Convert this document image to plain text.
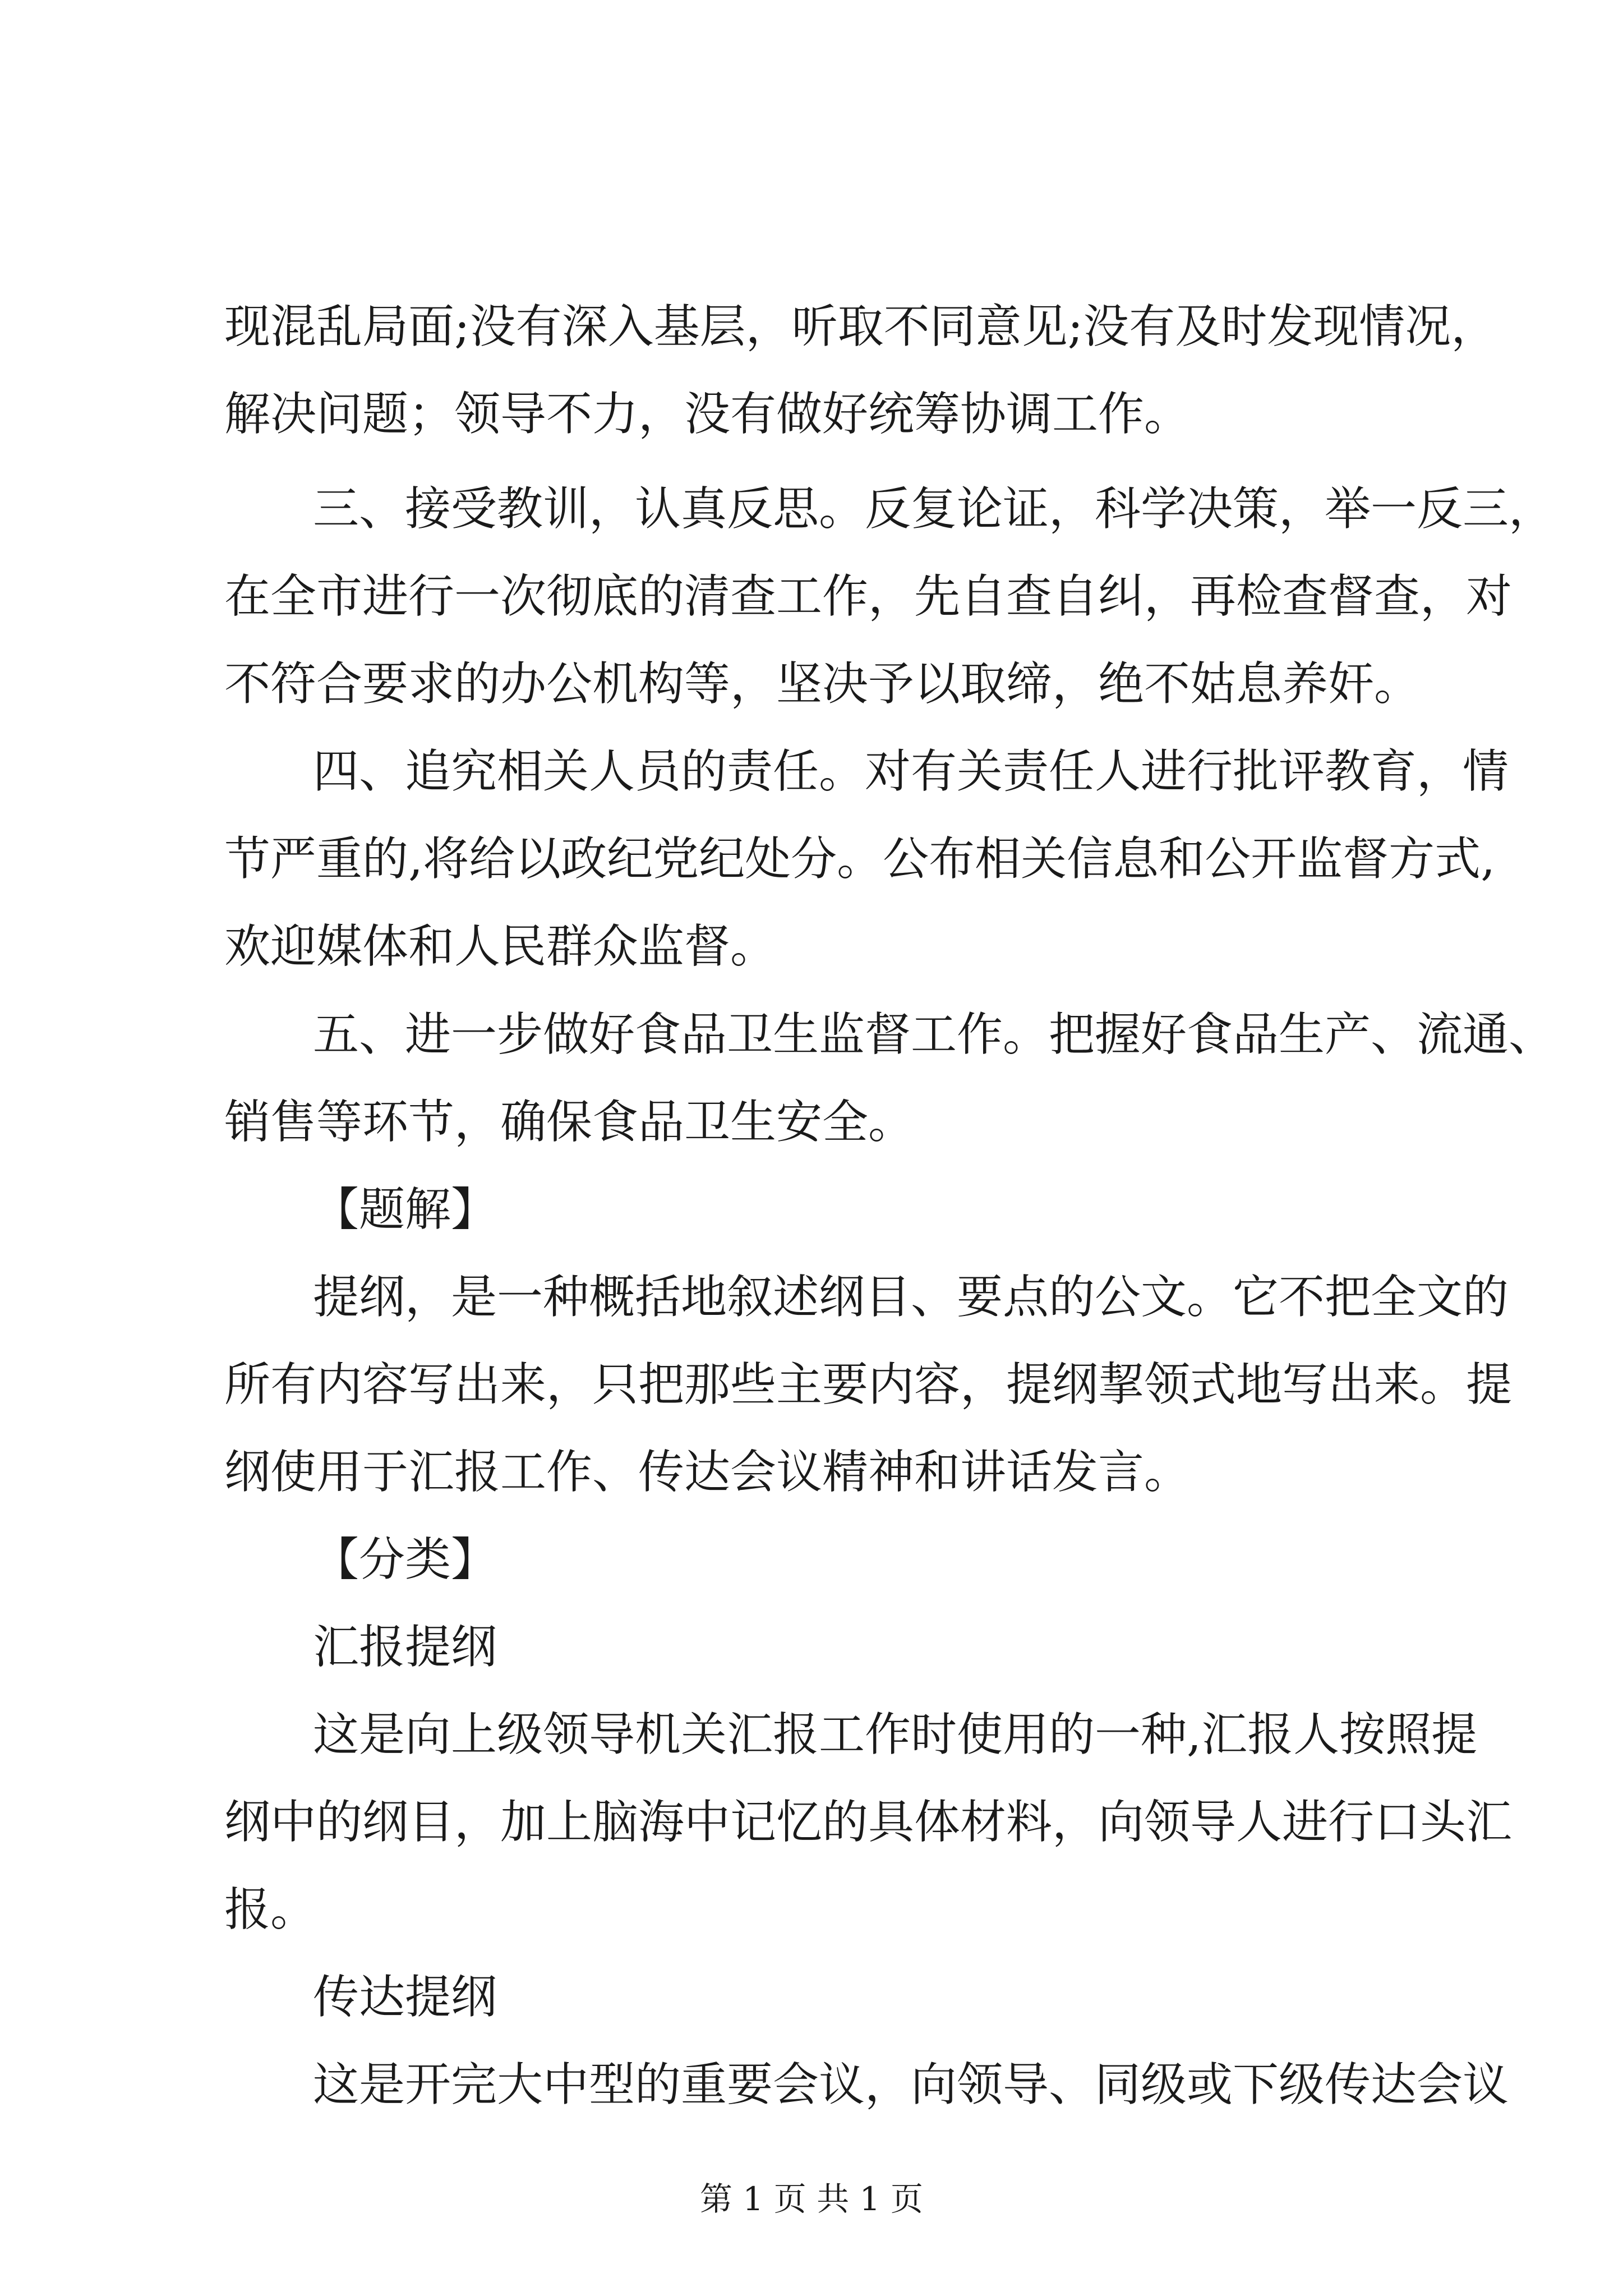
现混乱局面;没有深入基层，听取不同意见;没有及时发现情况，
解决问题；领导不力，没有做好统筹协调工作。
三、接受教训，认真反思。反复论证，科学决策，举一反三，
在全市进行一次彻底的清查工作，先自查自纠，再检查督查，对
不符合要求的办公机构等，坚决予以取缔，绝不姑息养奸。
四、追究相关人员的责任。对有关责任人进行批评教育，情
节严重的,将给以政纪党纪处分。公布相关信息和公开监督方式,
欢迎媒体和人民群众监督。
五、进一步做好食品卫生监督工作。把握好食品生产、流通、
销售等环节，确保食品卫生安全。
【题解】
提纲，是一种概括地叙述纲目、要点的公文。它不把全文的
所有内容写出来，只把那些主要内容，提纲挈领式地写出来。提
纲使用于汇报工作、传达会议精神和讲话发言。
【分类】
汇报提纲
这是向上级领导机关汇报工作时使用的一种,汇报人按照提
纲中的纲目，加上脑海中记忆的具体材料，向领导人进行口头汇
报。
传达提纲
这是开完大中型的重要会议，向领导、同级或下级传达会议
第 1 页 共 1 页
